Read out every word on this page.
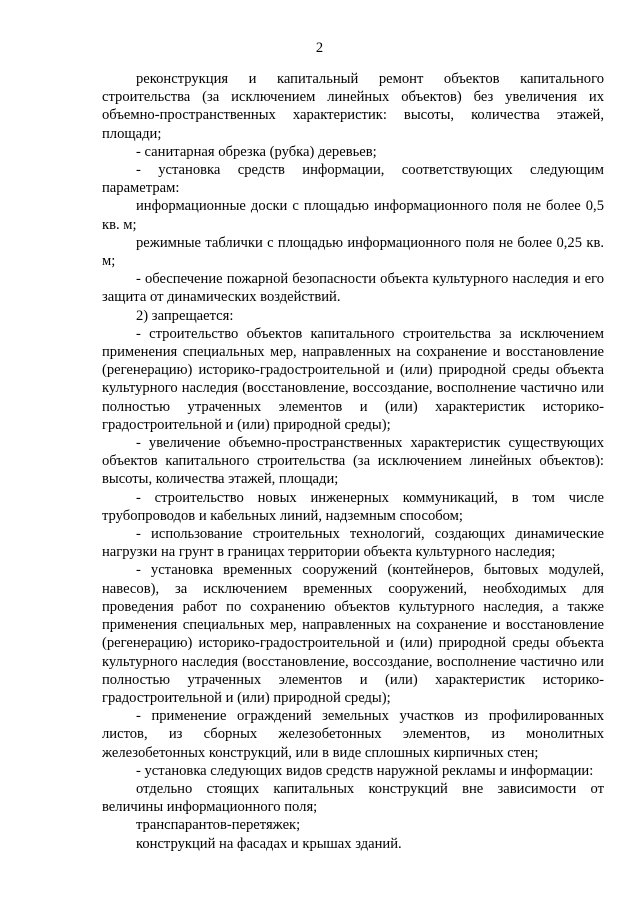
2

реконструкция и капитальный ремонт объектов капитального строительства (за исключением линейных объектов) без увеличения их объемно-пространственных характеристик: высоты, количества этажей, площади;

- санитарная обрезка (рубка) деревьев;

- установка средств информации, соответствующих следующим параметрам:

информационные доски с площадью информационного поля не более 0,5 кв. м;

режимные таблички с площадью информационного поля не более 0,25 кв. м;

- обеспечение пожарной безопасности объекта культурного наследия и его защита от динамических воздействий.

2) запрещается:

- строительство объектов капитального строительства за исключением применения специальных мер, направленных на сохранение и восстановление (регенерацию) историко-градостроительной и (или) природной среды объекта культурного наследия (восстановление, воссоздание, восполнение частично или полностью утраченных элементов и (или) характеристик историко-градостроительной и (или) природной среды);

- увеличение объемно-пространственных характеристик существующих объектов капитального строительства (за исключением линейных объектов): высоты, количества этажей, площади;

- строительство новых инженерных коммуникаций, в том числе трубопроводов и кабельных линий, надземным способом;

- использование строительных технологий, создающих динамические нагрузки на грунт в границах территории объекта культурного наследия;

- установка временных сооружений (контейнеров, бытовых модулей, навесов), за исключением временных сооружений, необходимых для проведения работ по сохранению объектов культурного наследия, а также применения специальных мер, направленных на сохранение и восстановление (регенерацию) историко-градостроительной и (или) природной среды объекта культурного наследия (восстановление, воссоздание, восполнение частично или полностью утраченных элементов и (или) характеристик историко-градостроительной и (или) природной среды);

- применение ограждений земельных участков из профилированных листов, из сборных железобетонных элементов, из монолитных железобетонных конструкций, или в виде сплошных кирпичных стен;

- установка следующих видов средств наружной рекламы и информации:

отдельно стоящих капитальных конструкций вне зависимости от величины информационного поля;

транспарантов-перетяжек;

конструкций на фасадах и крышах зданий.
